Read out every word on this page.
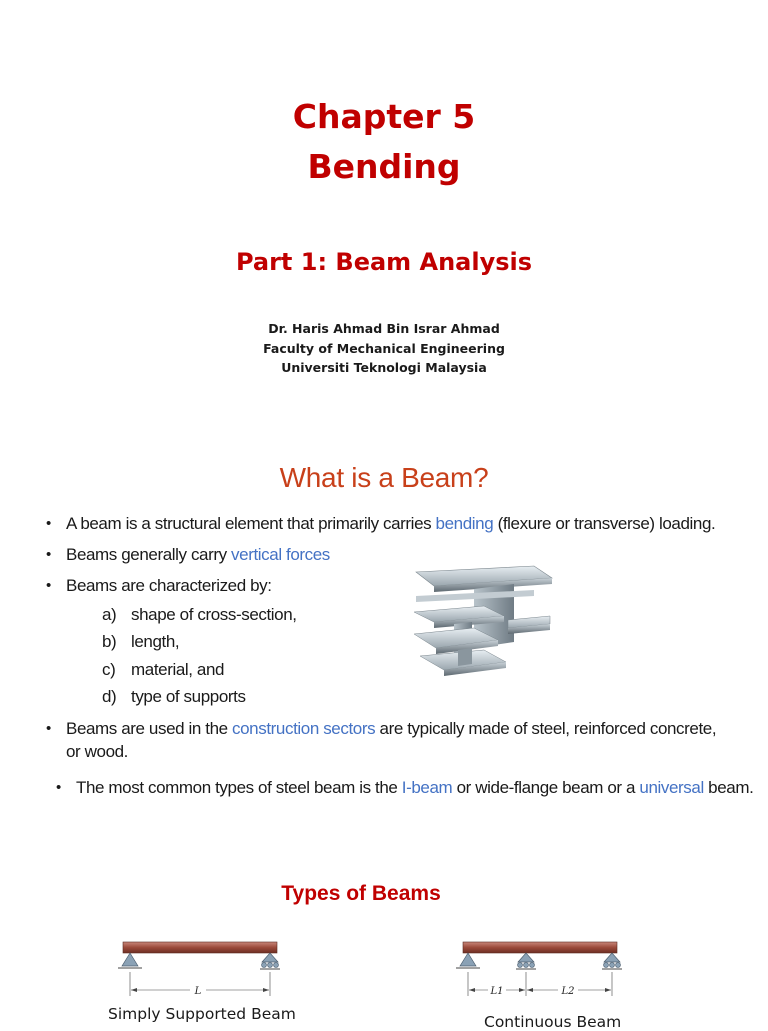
Chapter 5
Bending
Part 1: Beam Analysis
Dr. Haris Ahmad Bin Israr Ahmad
Faculty of Mechanical Engineering
Universiti Teknologi Malaysia
What is a Beam?
• A beam is a structural element that primarily carries bending (flexure or transverse) loading.
• Beams generally carry vertical forces
• Beams are characterized by:
a) shape of cross-section,
b) length,
c) material, and
d) type of supports
• Beams are used in the construction sectors are typically made of steel, reinforced concrete,
or wood.
• The most common types of steel beam is the I-beam or wide-flange beam or a universal beam.
Types of Beams
L
Simply Supported Beam
L1	L2
Continuous Beam
